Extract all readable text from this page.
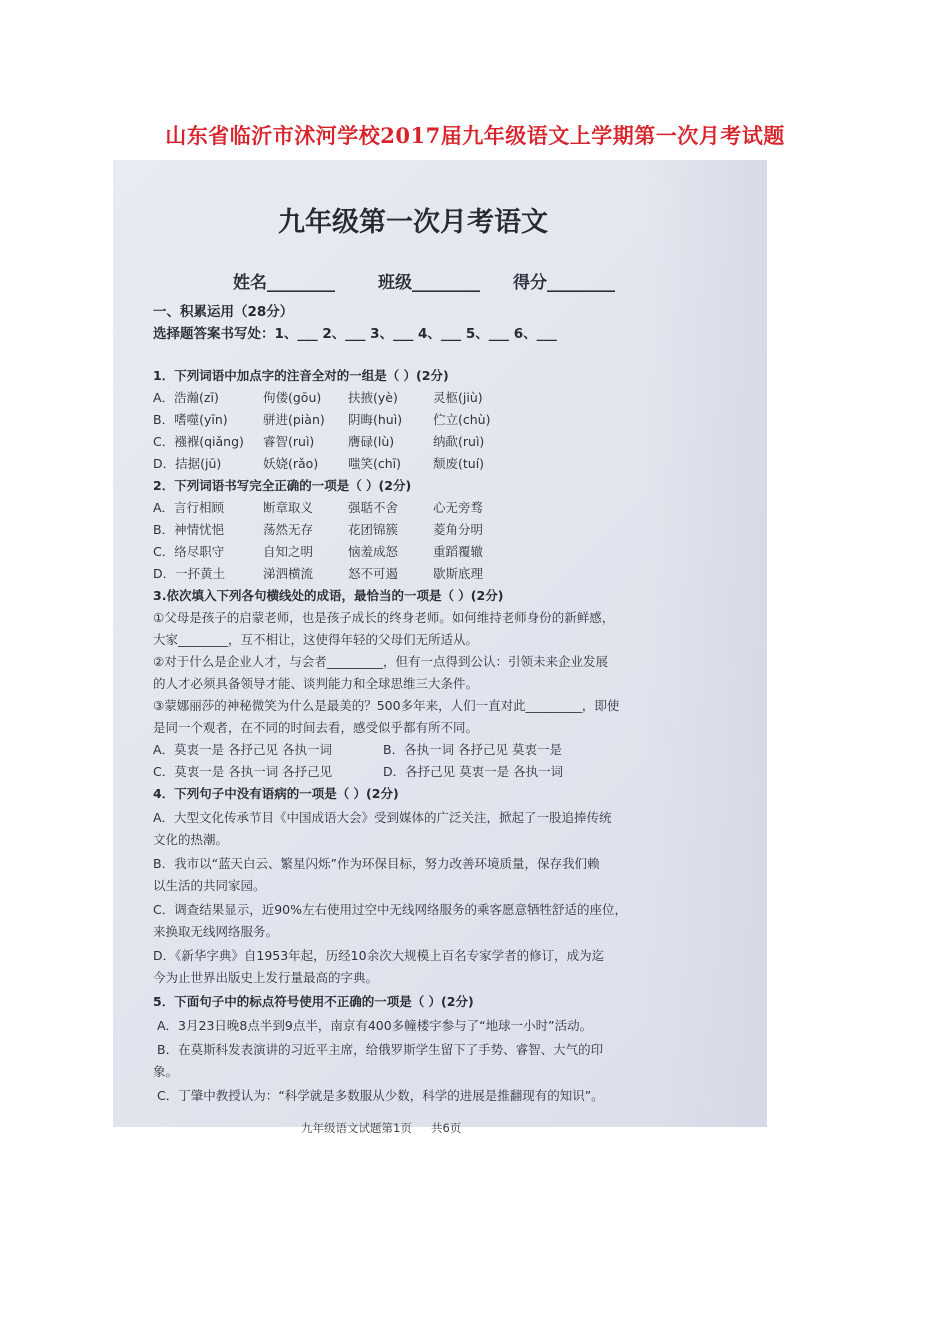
山东省临沂市沭河学校2017届九年级语文上学期第一次月考试题
九年级第一次月考语文
姓名________	班级________ 得分________
一、积累运用（28分）
选择题答案书写处：1、___ 2、___ 3、___ 4、___ 5、___ 6、___
1．下列词语中加点字的注音全对的一组是（ ）(2分)
A．浩瀚(zī)	佝偻(gōu) 扶掖(yè)	灵柩(jiù)
B．嗜噬(yīn)	骈进(piàn) 阴晦(huì) 伫立(chù)
C．襁褓(qiǎng) 睿智(ruì)	膺碌(lù)	纳歃(ruì)
D．拮据(jū)	妖娆(rǎo) 嗤笑(chī)	颓废(tuí)
2．下列词语书写完全正确的一项是（ ）(2分)
A．言行相顾	断章取义	强聒不舍	心无旁骛
B．神情忧悒	荡然无存	花团锦簇	菱角分明
C．络尽职守	自知之明	恼羞成怒	重蹈覆辙
D．一抔黄土	涕泗横流	怒不可遏	歇斯底理
3.依次填入下列各句横线处的成语，最恰当的一项是（ ）(2分)
①父母是孩子的启蒙老师，也是孩子成长的终身老师。如何维持老师身份的新鲜感，
大家________，互不相让，这使得年轻的父母们无所适从。
②对于什么是企业人才，与会者_________，但有一点得到公认：引领未来企业发展
的人才必须具备领导才能、谈判能力和全球思维三大条件。
③蒙娜丽莎的神秘微笑为什么是最美的？500多年来，人们一直对此_________，即使
是同一个观者，在不同的时间去看，感受似乎都有所不同。
A．莫衷一是 各抒己见 各执一词	B．各执一词 各抒己见 莫衷一是
C．莫衷一是 各执一词 各抒己见	D．各抒己见 莫衷一是 各执一词
4．下列句子中没有语病的一项是（ ）(2分)
A．大型文化传承节目《中国成语大会》受到媒体的广泛关注，掀起了一股追捧传统
文化的热潮。
B．我市以“蓝天白云、繁星闪烁”作为环保目标，努力改善环境质量，保存我们赖
以生活的共同家园。
C．调查结果显示，近90%左右使用过空中无线网络服务的乘客愿意牺牲舒适的座位，
来换取无线网络服务。
D．《新华字典》自1953年起，历经10余次大规模上百名专家学者的修订，成为迄
今为止世界出版史上发行量最高的字典。
5．下面句子中的标点符号使用不正确的一项是（ ）(2分)
A．3月23日晚8点半到9点半，南京有400多幢楼宇参与了“地球一小时”活动。
B．在莫斯科发表演讲的习近平主席，给俄罗斯学生留下了手势、睿智、大气的印
象。
C．丁肇中教授认为：“科学就是多数服从少数，科学的进展是推翻现有的知识”。
九年级语文试题第1页 共6页
